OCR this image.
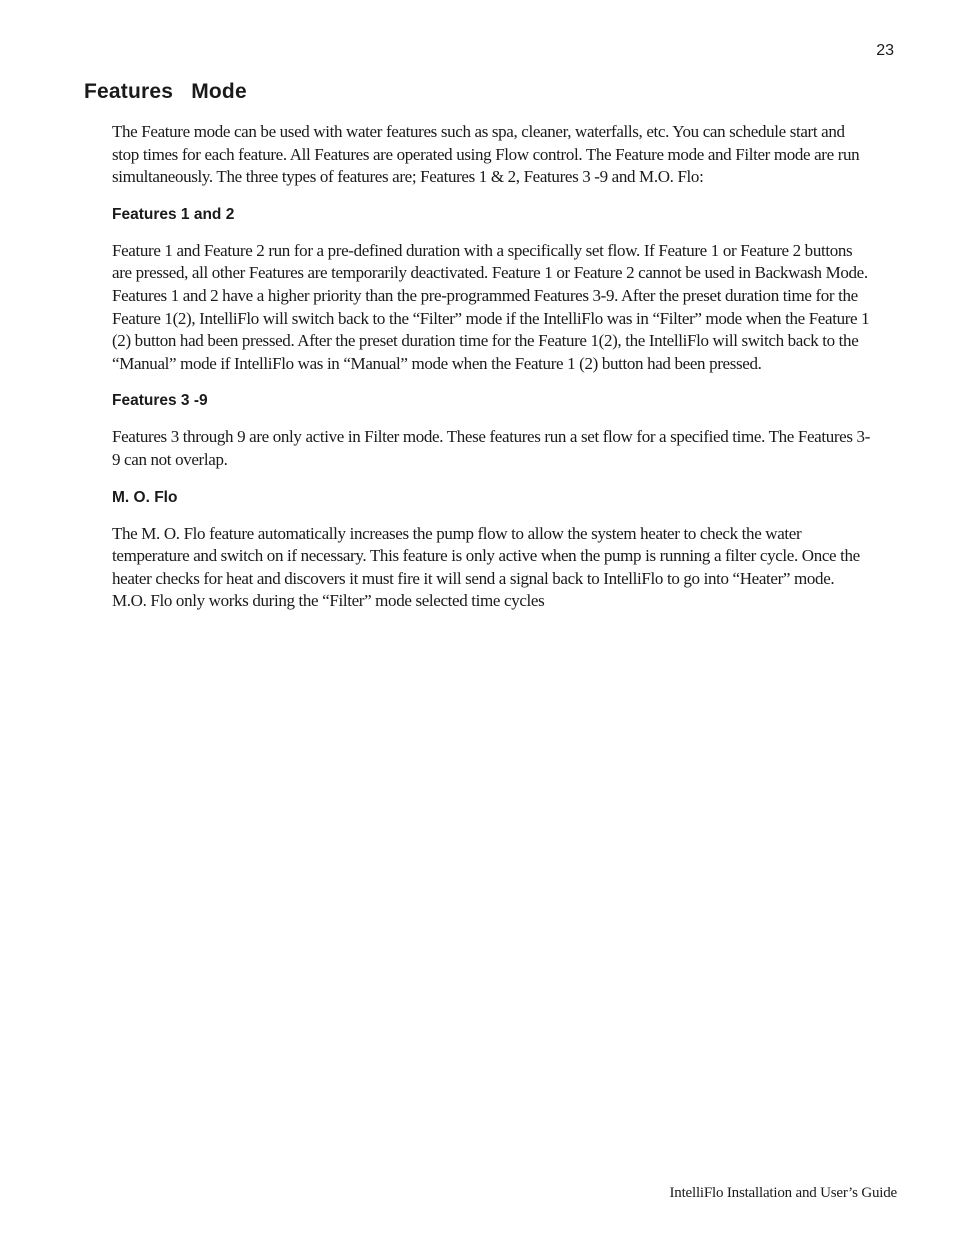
23
Features  Mode

The Feature mode can be used with water features such as spa, cleaner, waterfalls, etc. You can schedule start and stop times for each feature. All Features are operated using Flow control. The Feature mode and Filter mode are run simultaneously. The three types of features are; Features 1 & 2, Features 3 -9 and M.O. Flo:

Features 1 and 2

Feature 1 and Feature 2 run for a pre-defined duration with a specifically set flow. If Feature 1 or Feature 2 buttons are pressed, all other Features are temporarily deactivated. Feature 1 or Feature 2 cannot be used in Backwash Mode. Features 1 and 2 have a higher priority than the pre-programmed Features 3-9. After the preset duration time for the Feature 1(2), IntelliFlo will switch back to the “Filter” mode if the IntelliFlo was in “Filter” mode when the Feature 1 (2) button had been pressed. After the preset duration time for the Feature 1(2), the IntelliFlo will switch back to the “Manual” mode if IntelliFlo was in “Manual” mode when the Feature 1 (2) button had been pressed.

Features 3 -9

Features 3 through 9 are only active in Filter mode. These features run a set flow for a specified time. The Features 3-9 can not overlap.

M. O. Flo

The M. O. Flo feature automatically increases the pump flow to allow the system heater to check the water temperature and switch on if necessary. This feature is only active when the pump is running a filter cycle. Once the heater checks for heat and discovers it must fire it will send a signal back to IntelliFlo to go into “Heater” mode. M.O. Flo only works during the “Filter” mode selected time cycles

IntelliFlo Installation and User’s Guide
